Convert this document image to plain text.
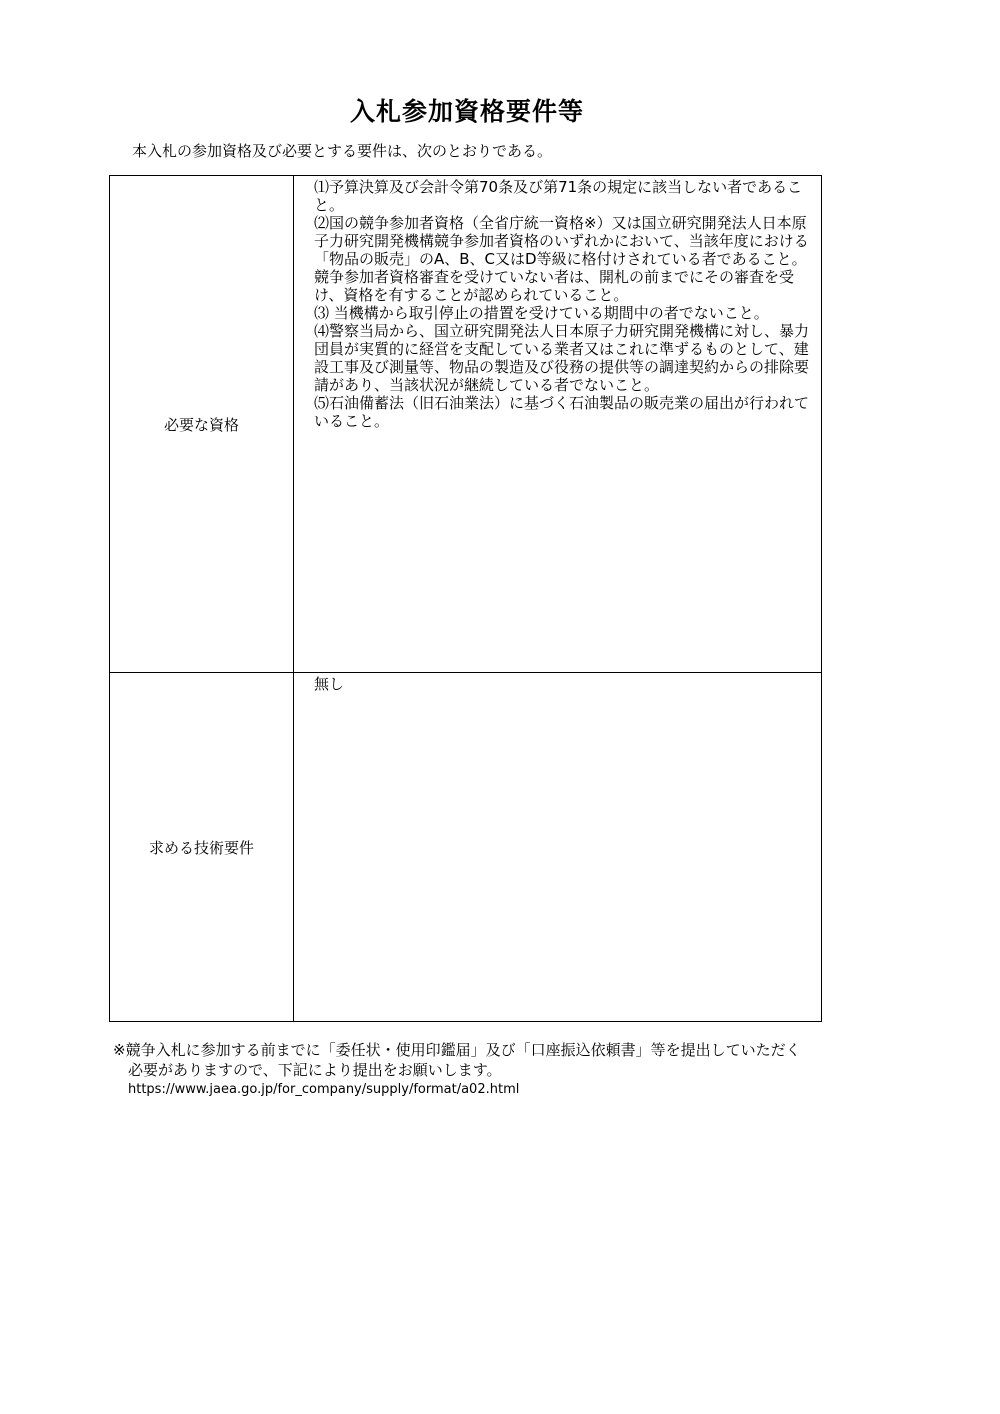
入札参加資格要件等
本入札の参加資格及び必要とする要件は、次のとおりである。
必要な資格	⑴予算決算及び会計令第70条及び第71条の規定に該当しない者であること。

⑵国の競争参加者資格（全省庁統一資格※）又は国立研究開発法人日本原子力研究開発機構競争参加者資格のいずれかにおいて、当該年度における「物品の販売」のA、B、C又はD等級に格付けされている者であること。競争参加者資格審査を受けていない者は、開札の前までにその審査を受け、資格を有することが認められていること。

⑶ 当機構から取引停止の措置を受けている期間中の者でないこと。

⑷警察当局から、国立研究開発法人日本原子力研究開発機構に対し、暴力団員が実質的に経営を支配している業者又はこれに準ずるものとして、建設工事及び測量等、物品の製造及び役務の提供等の調達契約からの排除要請があり、当該状況が継続している者でないこと。

⑸石油備蓄法（旧石油業法）に基づく石油製品の販売業の届出が行われていること。

求める技術要件	無し

※競争入札に参加する前までに「委任状・使用印鑑届」及び「口座振込依頼書」等を提出していただく
必要がありますので、下記により提出をお願いします。
https://www.jaea.go.jp/for_company/supply/format/a02.html
